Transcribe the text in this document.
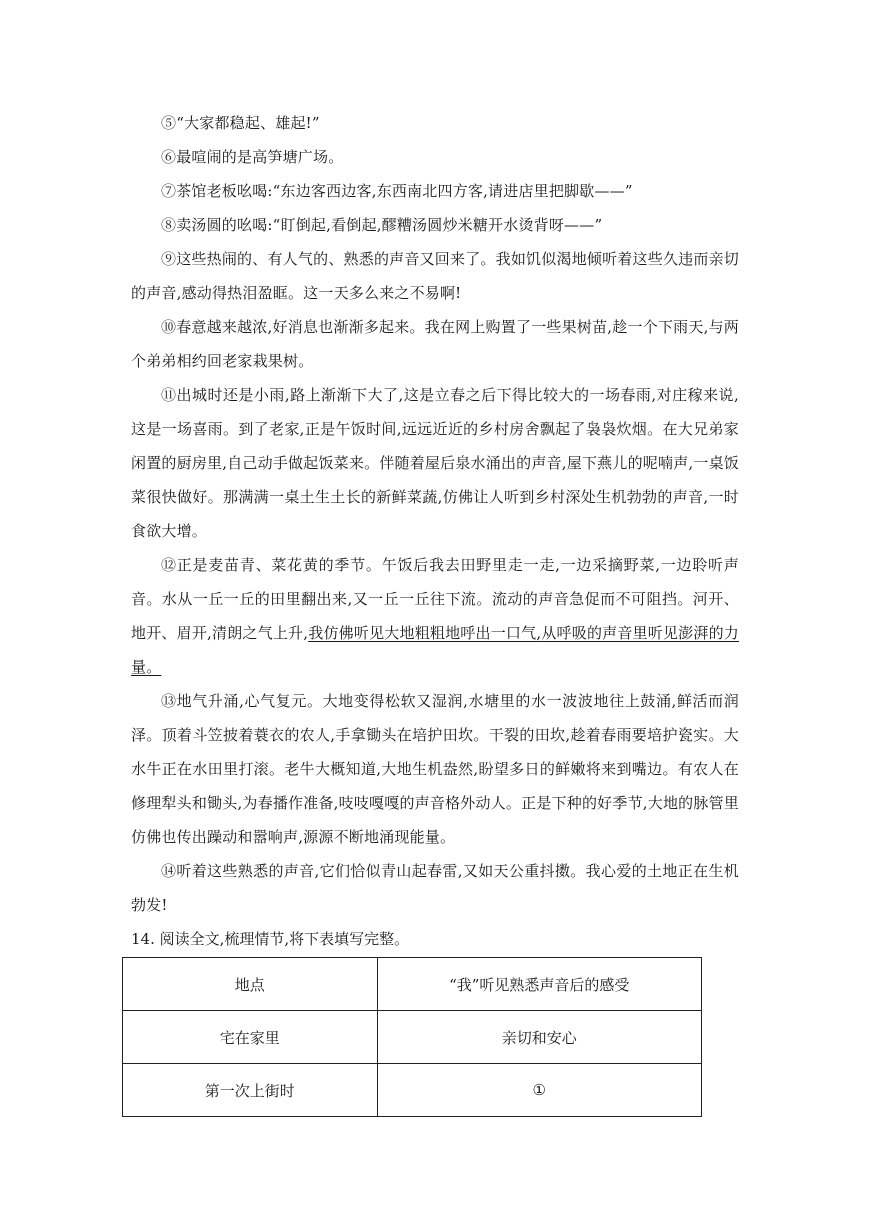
⑤“大家都稳起、雄起!”

⑥最喧闹的是高笋塘广场。

⑦茶馆老板吆喝:“东边客西边客,东西南北四方客,请进店里把脚歇——”

⑧卖汤圆的吆喝:“盯倒起,看倒起,醪糟汤圆炒米糖开水烫背呀——”

⑨这些热闹的、有人气的、熟悉的声音又回来了。我如饥似渴地倾听着这些久违而亲切的声音,感动得热泪盈眶。这一天多么来之不易啊!

⑩春意越来越浓,好消息也渐渐多起来。我在网上购置了一些果树苗,趁一个下雨天,与两个弟弟相约回老家栽果树。

⑪出城时还是小雨,路上渐渐下大了,这是立春之后下得比较大的一场春雨,对庄稼来说,这是一场喜雨。到了老家,正是午饭时间,远远近近的乡村房舍飘起了袅袅炊烟。在大兄弟家闲置的厨房里,自己动手做起饭菜来。伴随着屋后泉水涌出的声音,屋下燕儿的呢喃声,一桌饭菜很快做好。那满满一桌土生土长的新鲜菜蔬,仿佛让人听到乡村深处生机勃勃的声音,一时食欲大增。

⑫正是麦苗青、菜花黄的季节。午饭后我去田野里走一走,一边采摘野菜,一边聆听声音。水从一丘一丘的田里翻出来,又一丘一丘往下流。流动的声音急促而不可阻挡。河开、地开、眉开,清朗之气上升,我仿佛听见大地粗粗地呼出一口气,从呼吸的声音里听见澎湃的力量。

⑬地气升涌,心气复元。大地变得松软又湿润,水塘里的水一波波地往上鼓涌,鲜活而润泽。顶着斗笠披着蓑衣的农人,手拿锄头在培护田坎。干裂的田坎,趁着春雨要培护瓷实。大水牛正在水田里打滚。老牛大概知道,大地生机盎然,盼望多日的鲜嫩将来到嘴边。有农人在修理犁头和锄头,为春播作准备,吱吱嘎嘎的声音格外动人。正是下种的好季节,大地的脉管里仿佛也传出躁动和嚣响声,源源不断地涌现能量。

⑭听着这些熟悉的声音,它们恰似青山起春雷,又如天公重抖擞。我心爱的土地正在生机勃发!

14. 阅读全文,梳理情节,将下表填写完整。

地点	“我”听见熟悉声音后的感受
宅在家里	亲切和安心
第一次上街时	①
